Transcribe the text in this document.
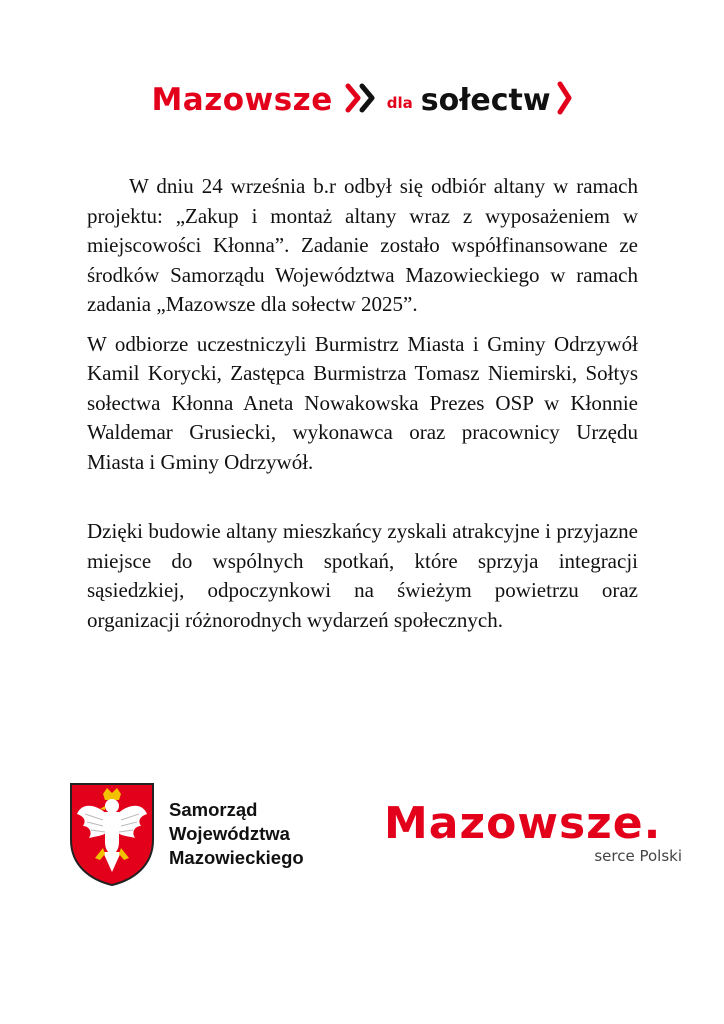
Mazowsze	dla sołectw

W dniu 24 września b.r odbył się odbiór altany w ramach projektu: „Zakup i montaż altany wraz z wyposażeniem w miejscowości Kłonna”. Zadanie zostało współfinansowane ze środków Samorządu Województwa Mazowieckiego w ramach zadania „Mazowsze dla sołectw 2025”.

W odbiorze uczestniczyli Burmistrz Miasta i Gminy Odrzywół Kamil Korycki, Zastępca Burmistrza Tomasz Niemirski, Sołtys sołectwa Kłonna Aneta Nowakowska Prezes OSP w Kłonnie Waldemar Grusiecki, wykonawca oraz pracownicy Urzędu Miasta i Gminy Odrzywół.

Dzięki budowie altany mieszkańcy zyskali atrakcyjne i przyjazne miejsce do wspólnych spotkań, które sprzyja integracji sąsiedzkiej, odpoczynkowi na świeżym powietrzu oraz organizacji różnorodnych wydarzeń społecznych.

Samorząd
Województwa
Mazowieckiego
Mazowsze.
serce Polski
